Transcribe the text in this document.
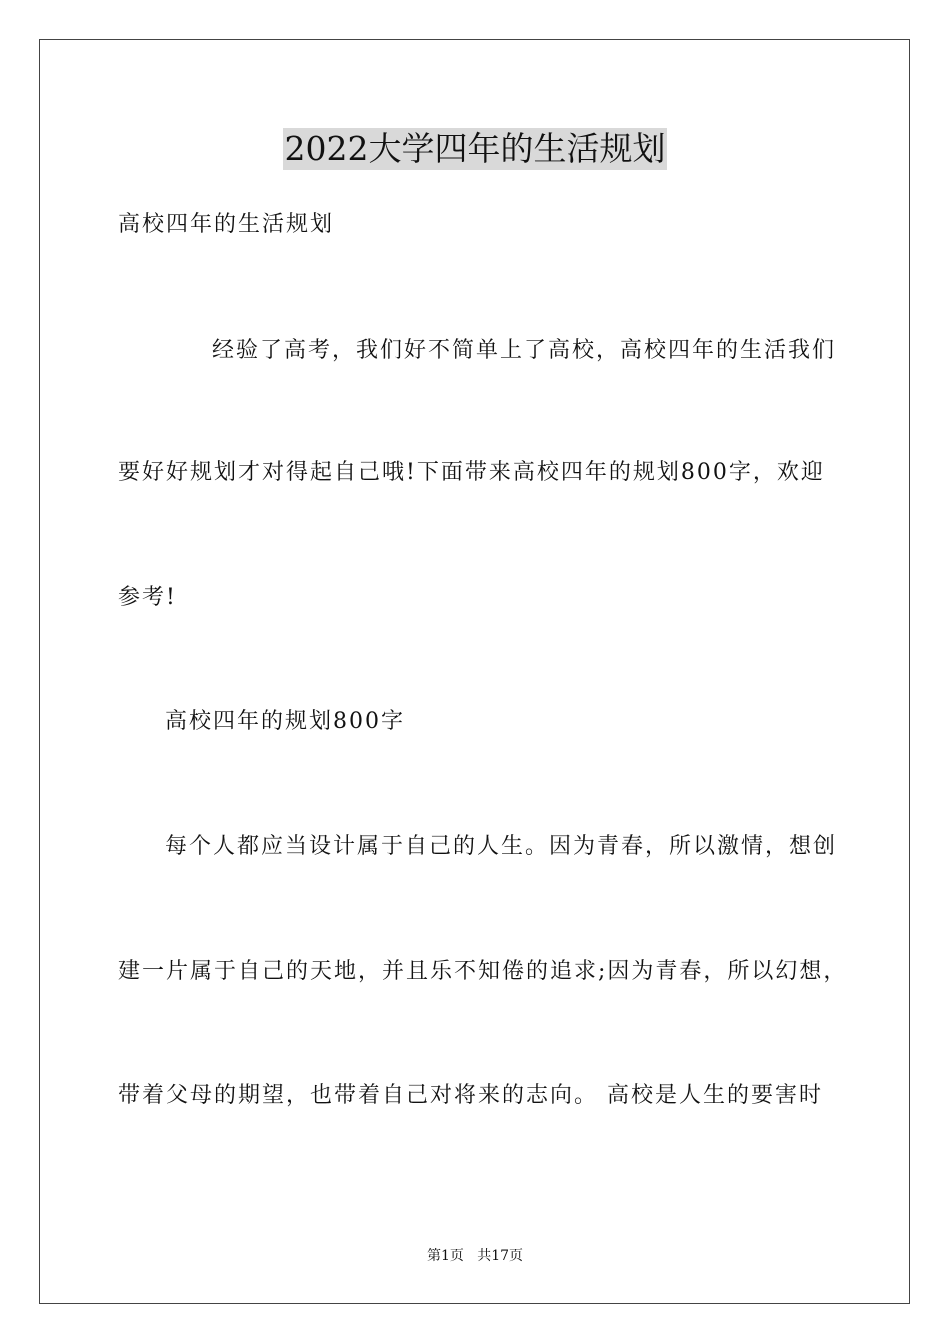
2022大学四年的生活规划
高校四年的生活规划
经验了高考，我们好不简单上了高校，高校四年的生活我们
要好好规划才对得起自己哦!下面带来高校四年的规划800字，欢迎
参考!
高校四年的规划800字
每个人都应当设计属于自己的人生。因为青春，所以激情，想创
建一片属于自己的天地，并且乐不知倦的追求;因为青春，所以幻想，
带着父母的期望，也带着自己对将来的志向。 高校是人生的要害时
第1页   共17页
